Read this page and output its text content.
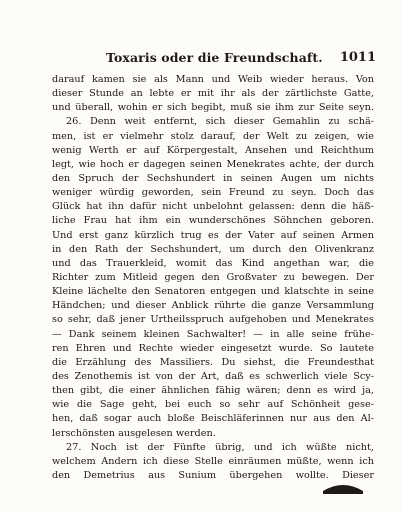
Toxaris oder die Freundschaft. 1011
darauf kamen sie als Mann und Weib wieder heraus. Von
dieser Stunde an lebte er mit ihr als der zärtlichste Gatte,
und überall, wohin er sich begibt, muß sie ihm zur Seite seyn.
26. Denn weit entfernt, sich dieser Gemahlin zu schä-
men, ist er vielmehr stolz darauf, der Welt zu zeigen, wie
wenig Werth er auf Körpergestalt, Ansehen und Reichthum
legt, wie hoch er dagegen seinen Menekrates achte, der durch
den Spruch der Sechshundert in seinen Augen um nichts
weniger würdig geworden, sein Freund zu seyn. Doch das
Glück hat ihn dafür nicht unbelohnt gelassen: denn die häß-
liche Frau hat ihm ein wunderschönes Söhnchen geboren.
Und erst ganz kürzlich trug es der Vater auf seinen Armen
in den Rath der Sechshundert, um durch den Olivenkranz
und das Trauerkleid, womit das Kind angethan war, die
Richter zum Mitleid gegen den Großvater zu bewegen. Der
Kleine lächelte den Senatoren entgegen und klatschte in seine
Händchen; und dieser Anblick rührte die ganze Versammlung
so sehr, daß jener Urtheilsspruch aufgehoben und Menekrates
— Dank seinem kleinen Sachwalter! — in alle seine frühe-
ren Ehren und Rechte wieder eingesetzt wurde. So lautete
die Erzählung des Massiliers. Du siehst, die Freundesthat
des Zenothemis ist von der Art, daß es schwerlich viele Scy-
then gibt, die einer ähnlichen fähig wären; denn es wird ja,
wie die Sage geht, bei euch so sehr auf Schönheit gese-
hen, daß sogar auch bloße Beischläferinnen nur aus den Al-
lerschönsten ausgelesen werden.
27. Noch ist der Fünfte übrig, und ich wüßte nicht,
welchem Andern ich diese Stelle einräumen müßte, wenn ich
den Demetrius aus Sunium übergehen wollte. Dieser
